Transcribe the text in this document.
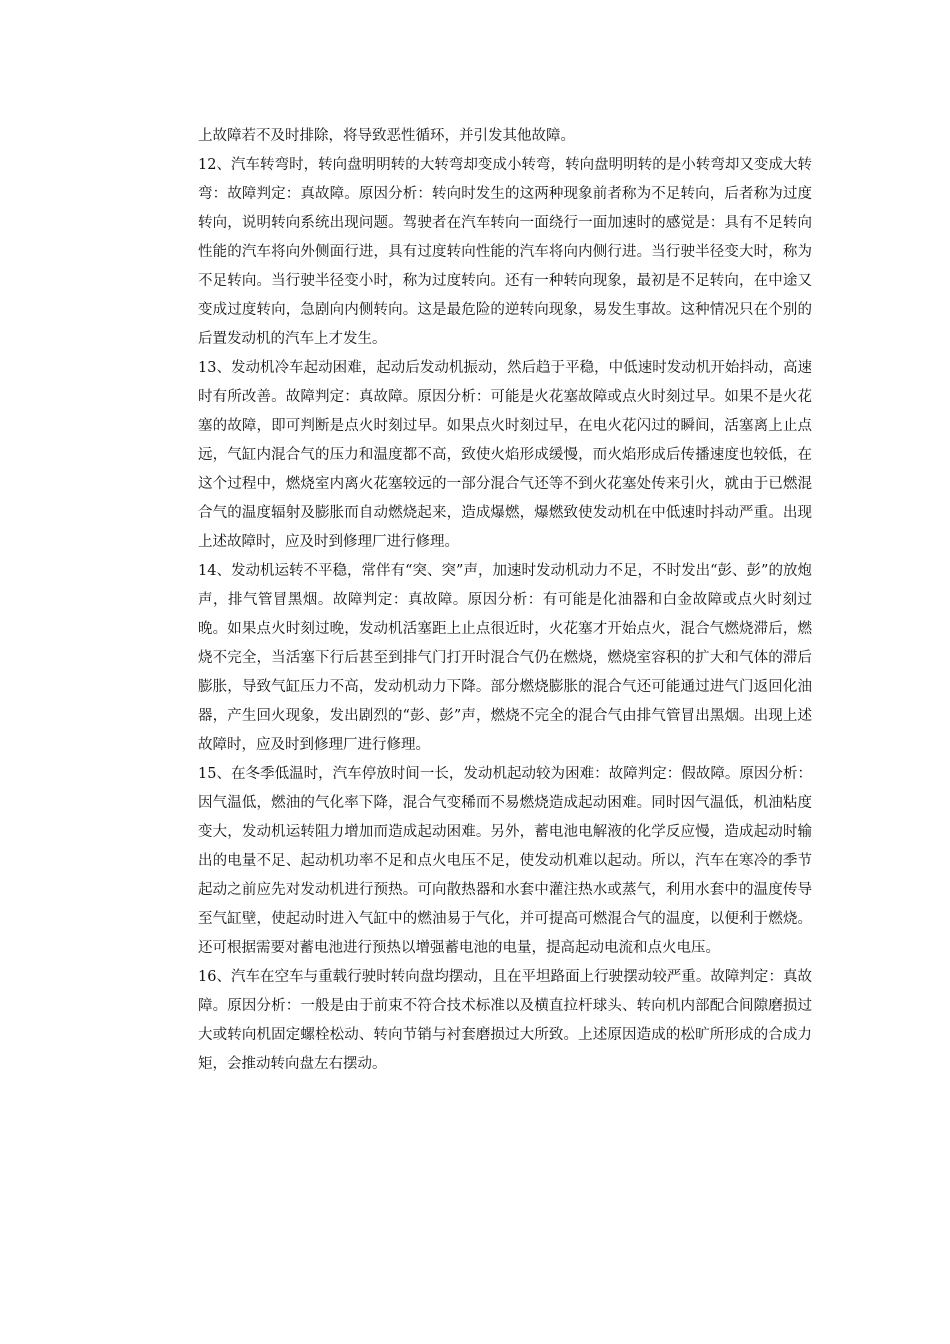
上故障若不及时排除，将导致恶性循环，并引发其他故障。

12、汽车转弯时，转向盘明明转的大转弯却变成小转弯，转向盘明明转的是小转弯却又变成大转弯：故障判定：真故障。原因分析：转向时发生的这两种现象前者称为不足转向，后者称为过度转向，说明转向系统出现问题。驾驶者在汽车转向一面绕行一面加速时的感觉是：具有不足转向性能的汽车将向外侧面行进，具有过度转向性能的汽车将向内侧行进。当行驶半径变大时，称为不足转向。当行驶半径变小时，称为过度转向。还有一种转向现象，最初是不足转向，在中途又变成过度转向，急剧向内侧转向。这是最危险的逆转向现象，易发生事故。这种情况只在个别的后置发动机的汽车上才发生。

13、发动机冷车起动困难，起动后发动机振动，然后趋于平稳，中低速时发动机开始抖动，高速时有所改善。故障判定：真故障。原因分析：可能是火花塞故障或点火时刻过早。如果不是火花塞的故障，即可判断是点火时刻过早。如果点火时刻过早，在电火花闪过的瞬间，活塞离上止点远，气缸内混合气的压力和温度都不高，致使火焰形成缓慢，而火焰形成后传播速度也较低，在这个过程中，燃烧室内离火花塞较远的一部分混合气还等不到火花塞处传来引火，就由于已燃混合气的温度辐射及膨胀而自动燃烧起来，造成爆燃，爆燃致使发动机在中低速时抖动严重。出现上述故障时，应及时到修理厂进行修理。

14、发动机运转不平稳，常伴有“突、突”声，加速时发动机动力不足，不时发出“彭、彭”的放炮声，排气管冒黑烟。故障判定：真故障。原因分析：有可能是化油器和白金故障或点火时刻过晚。如果点火时刻过晚，发动机活塞距上止点很近时，火花塞才开始点火，混合气燃烧滞后，燃烧不完全，当活塞下行后甚至到排气门打开时混合气仍在燃烧，燃烧室容积的扩大和气体的滞后膨胀，导致气缸压力不高，发动机动力下降。部分燃烧膨胀的混合气还可能通过进气门返回化油器，产生回火现象，发出剧烈的“彭、彭”声，燃烧不完全的混合气由排气管冒出黑烟。出现上述故障时，应及时到修理厂进行修理。

15、在冬季低温时，汽车停放时间一长，发动机起动较为困难：故障判定：假故障。原因分析：因气温低，燃油的气化率下降，混合气变稀而不易燃烧造成起动困难。同时因气温低，机油粘度变大，发动机运转阻力增加而造成起动困难。另外，蓄电池电解液的化学反应慢，造成起动时输出的电量不足、起动机功率不足和点火电压不足，使发动机难以起动。所以，汽车在寒冷的季节起动之前应先对发动机进行预热。可向散热器和水套中灌注热水或蒸气，利用水套中的温度传导至气缸壁，使起动时进入气缸中的燃油易于气化，并可提高可燃混合气的温度，以便利于燃烧。还可根据需要对蓄电池进行预热以增强蓄电池的电量，提高起动电流和点火电压。

16、汽车在空车与重载行驶时转向盘均摆动，且在平坦路面上行驶摆动较严重。故障判定：真故障。原因分析：一般是由于前束不符合技术标准以及横直拉杆球头、转向机内部配合间隙磨损过大或转向机固定螺栓松动、转向节销与衬套磨损过大所致。上述原因造成的松旷所形成的合成力矩，会推动转向盘左右摆动。
